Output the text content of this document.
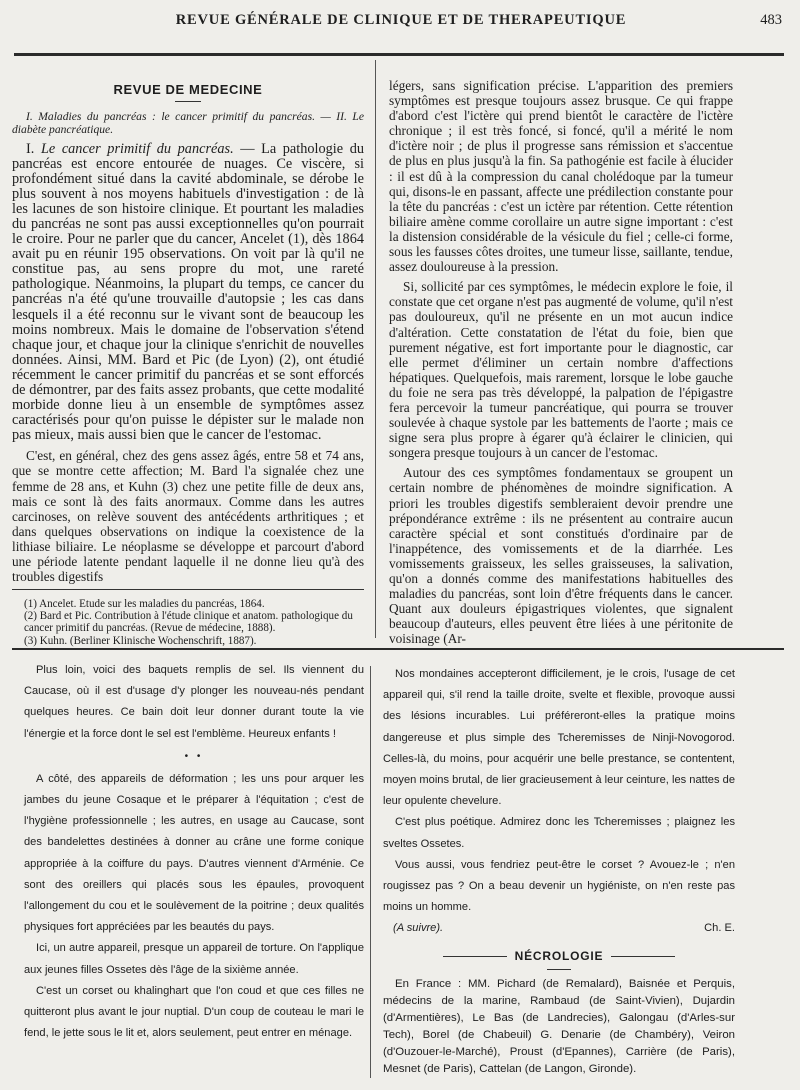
REVUE GÉNÉRALE DE CLINIQUE ET DE THERAPEUTIQUE	483
REVUE DE MEDECINE

I. Maladies du pancréas : le cancer primitif du pancréas. — II. Le diabète pancréatique.

I. Le cancer primitif du pancréas. — La pathologie du pancréas est encore entourée de nuages. Ce viscère, si profondément situé dans la cavité abdominale, se dérobe le plus souvent à nos moyens habituels d'investigation : de là les lacunes de son histoire clinique. Et pourtant les maladies du pancréas ne sont pas aussi exceptionnelles qu'on pourrait le croire. Pour ne parler que du cancer, Ancelet (1), dès 1864 avait pu en réunir 195 observations. On voit par là qu'il ne constitue pas, au sens propre du mot, une rareté pathologique. Néanmoins, la plupart du temps, ce cancer du pancréas n'a été qu'une trouvaille d'autopsie ; les cas dans lesquels il a été reconnu sur le vivant sont de beaucoup les moins nombreux. Mais le domaine de l'observation s'étend chaque jour, et chaque jour la clinique s'enrichit de nouvelles données. Ainsi, MM. Bard et Pic (de Lyon) (2), ont étudié récemment le cancer primitif du pancréas et se sont efforcés de démontrer, par des faits assez probants, que cette modalité morbide donne lieu à un ensemble de symptômes assez caractérisés pour qu'on puisse le dépister sur le malade non pas mieux, mais aussi bien que le cancer de l'estomac.

C'est, en général, chez des gens assez âgés, entre 58 et 74 ans, que se montre cette affection; M. Bard l'a signalée chez une femme de 28 ans, et Kuhn (3) chez une petite fille de deux ans, mais ce sont là des faits anormaux. Comme dans les autres carcinoses, on relève souvent des antécédents arthritiques ; et dans quelques observations on indique la coexistence de la lithiase biliaire. Le néoplasme se développe et parcourt d'abord une période latente pendant laquelle il ne donne lieu qu'à des troubles digestifs

légers, sans signification précise. L'apparition des premiers symptômes est presque toujours assez brusque. Ce qui frappe d'abord c'est l'ictère qui prend bientôt le caractère de l'ictère chronique ; il est très foncé, si foncé, qu'il a mérité le nom d'ictère noir ; de plus il progresse sans rémission et s'accentue de plus en plus jusqu'à la fin. Sa pathogénie est facile à élucider : il est dû à la compression du canal cholédoque par la tumeur qui, disons-le en passant, affecte une prédilection constante pour la tête du pancréas : c'est un ictère par rétention. Cette rétention biliaire amène comme corollaire un autre signe important : c'est la distension considérable de la vésicule du fiel ; celle-ci forme, sous les fausses côtes droites, une tumeur lisse, saillante, tendue, assez douloureuse à la pression.

Si, sollicité par ces symptômes, le médecin explore le foie, il constate que cet organe n'est pas augmenté de volume, qu'il n'est pas douloureux, qu'il ne présente en un mot aucun indice d'altération. Cette constatation de l'état du foie, bien que purement négative, est fort importante pour le diagnostic, car elle permet d'éliminer un certain nombre d'affections hépatiques. Quelquefois, mais rarement, lorsque le lobe gauche du foie ne sera pas très développé, la palpation de l'épigastre fera percevoir la tumeur pancréatique, qui pourra se trouver soulevée à chaque systole par les battements de l'aorte ; mais ce signe sera plus propre à égarer qu'à éclairer le clinicien, qui songera presque toujours à un cancer de l'estomac.

Autour des ces symptômes fondamentaux se groupent un certain nombre de phénomènes de moindre signification. A priori les troubles digestifs sembleraient devoir prendre une prépondérance extrême : ils ne présentent au contraire aucun caractère spécial et sont constitués d'ordinaire par de l'inappétence, des vomissements et de la diarrhée. Les vomissements graisseux, les selles graisseuses, la salivation, qu'on a donnés comme des manifestations habituelles des maladies du pancréas, sont loin d'être fréquents dans le cancer. Quant aux douleurs épigastriques violentes, que signalent beaucoup d'auteurs, elles peuvent être liées à une péritonite de voisinage (Ar-

(1) Ancelet. Etude sur les maladies du pancréas, 1864.
(2) Bard et Pic. Contribution à l'étude clinique et anatom. pathologique du cancer primitif du pancréas. (Revue de médecine, 1888).
(3) Kuhn. (Berliner Klinische Wochenschrift, 1887).

Plus loin, voici des baquets remplis de sel. Ils viennent du Caucase, où il est d'usage d'y plonger les nouveau-nés pendant quelques heures. Ce bain doit leur donner durant toute la vie l'énergie et la force dont le sel est l'emblème. Heureux enfants !

• •

A côté, des appareils de déformation ; les uns pour arquer les jambes du jeune Cosaque et le préparer à l'équitation ; c'est de l'hygiène professionnelle ; les autres, en usage au Caucase, sont des bandelettes destinées à donner au crâne une forme conique appropriée à la coiffure du pays. D'autres viennent d'Arménie. Ce sont des oreillers qui placés sous les épaules, provoquent l'allongement du cou et le soulèvement de la poitrine ; deux qualités physiques fort appréciées par les beautés du pays.

Ici, un autre appareil, presque un appareil de torture. On l'applique aux jeunes filles Ossetes dès l'âge de la sixième année.

C'est un corset ou khalinghart que l'on coud et que ces filles ne quitteront plus avant le jour nuptial. D'un coup de couteau le mari le fend, le jette sous le lit et, alors seulement, peut entrer en ménage.

Nos mondaines accepteront difficilement, je le crois, l'usage de cet appareil qui, s'il rend la taille droite, svelte et flexible, provoque aussi des lésions incurables. Lui préféreront-elles la pratique moins dangereuse et plus simple des Tcheremisses de Ninji-Novogorod. Celles-là, du moins, pour acquérir une belle prestance, se contentent, moyen moins brutal, de lier gracieusement à leur ceinture, les nattes de leur opulente chevelure.

C'est plus poétique. Admirez donc les Tcheremisses ; plaignez les sveltes Ossetes.

Vous aussi, vous fendriez peut-être le corset ? Avouez-le ; n'en rougissez pas ? On a beau devenir un hygiéniste, on n'en reste pas moins un homme.

(A suivre).	Ch. E.
NÉCROLOGIE

En France : MM. Pichard (de Remalard), Baisnée et Perquis, médecins de la marine, Rambaud (de Saint-Vivien), Dujardin (d'Armentières), Le Bas (de Landrecies), Galongau (d'Arles-sur Tech), Borel (de Chabeuil) G. Denarie (de Chambéry), Veiron (d'Ouzouer-le-Marché), Proust (d'Epannes), Carrière (de Paris), Mesnet (de Paris), Cattelan (de Langon, Gironde).
